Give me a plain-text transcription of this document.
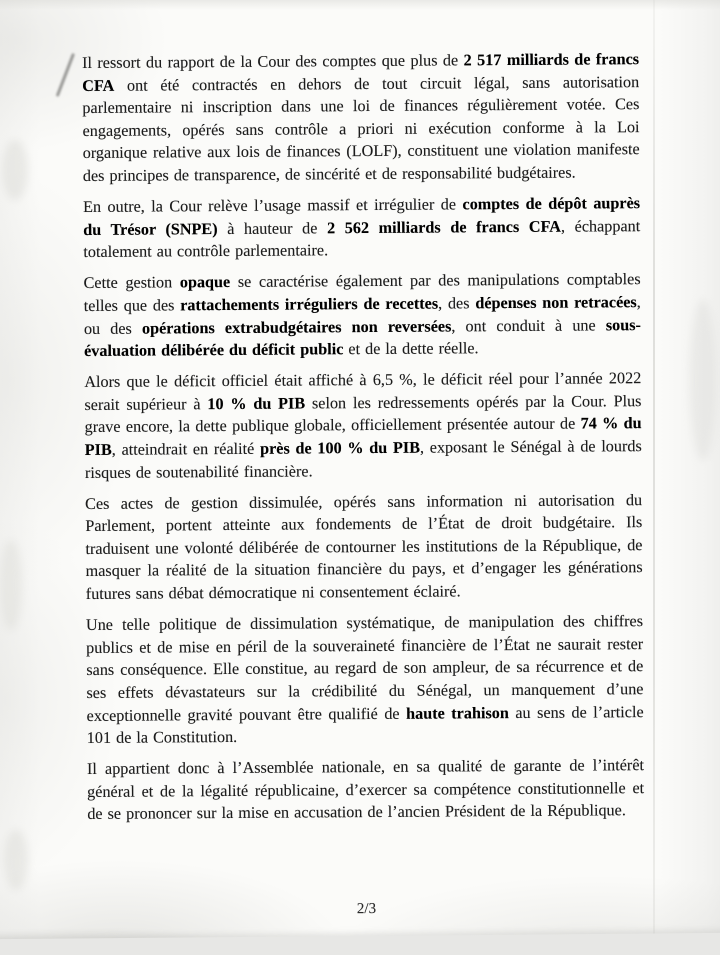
Il ressort du rapport de la Cour des comptes que plus de 2 517 milliards de francs CFA ont été contractés en dehors de tout circuit légal, sans autorisation parlementaire ni inscription dans une loi de finances régulièrement votée. Ces engagements, opérés sans contrôle a priori ni exécution conforme à la Loi organique relative aux lois de finances (LOLF), constituent une violation manifeste des principes de transparence, de sincérité et de responsabilité budgétaires.

En outre, la Cour relève l’usage massif et irrégulier de comptes de dépôt auprès du Trésor (SNPE) à hauteur de 2 562 milliards de francs CFA, échappant totalement au contrôle parlementaire.

Cette gestion opaque se caractérise également par des manipulations comptables telles que des rattachements irréguliers de recettes, des dépenses non retracées, ou des opérations extrabudgétaires non reversées, ont conduit à une sous-évaluation délibérée du déficit public et de la dette réelle.

Alors que le déficit officiel était affiché à 6,5 %, le déficit réel pour l’année 2022 serait supérieur à 10 % du PIB selon les redressements opérés par la Cour. Plus grave encore, la dette publique globale, officiellement présentée autour de 74 % du PIB, atteindrait en réalité près de 100 % du PIB, exposant le Sénégal à de lourds risques de soutenabilité financière.

Ces actes de gestion dissimulée, opérés sans information ni autorisation du Parlement, portent atteinte aux fondements de l’État de droit budgétaire. Ils traduisent une volonté délibérée de contourner les institutions de la République, de masquer la réalité de la situation financière du pays, et d’engager les générations futures sans débat démocratique ni consentement éclairé.

Une telle politique de dissimulation systématique, de manipulation des chiffres publics et de mise en péril de la souveraineté financière de l’État ne saurait rester sans conséquence. Elle constitue, au regard de son ampleur, de sa récurrence et de ses effets dévastateurs sur la crédibilité du Sénégal, un manquement d’une exceptionnelle gravité pouvant être qualifié de haute trahison au sens de l’article 101 de la Constitution.

Il appartient donc à l’Assemblée nationale, en sa qualité de garante de l’intérêt général et de la légalité républicaine, d’exercer sa compétence constitutionnelle et de se prononcer sur la mise en accusation de l’ancien Président de la République.

2/3
